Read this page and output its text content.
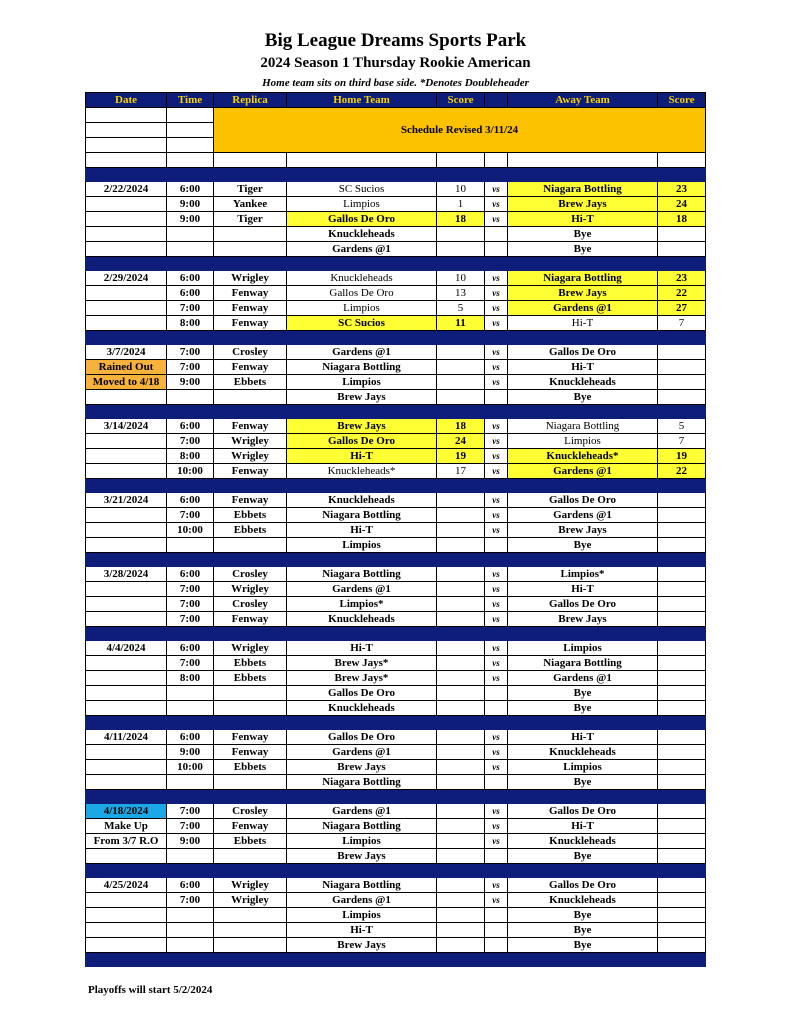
Big League Dreams Sports Park
2024 Season 1 Thursday Rookie American
Home team sits on third base side. *Denotes Doubleheader
Date	Time	Replica	Home Team	Score		Away Team	Score
		Schedule Revised 3/11/24					

2/22/2024	6:00	Tiger	SC Sucios	10	vs	Niagara Bottling	23
	9:00	Yankee	Limpios	1	vs	Brew Jays	24
	9:00	Tiger	Gallos De Oro	18	vs	Hi-T	18
			Knuckleheads			Bye	
			Gardens @1			Bye	

2/29/2024	6:00	Wrigley	Knuckleheads	10	vs	Niagara Bottling	23
	6:00	Fenway	Gallos De Oro	13	vs	Brew Jays	22
	7:00	Fenway	Limpios	5	vs	Gardens @1	27
	8:00	Fenway	SC Sucios	11	vs	Hi-T	7

3/7/2024	7:00	Crosley	Gardens @1		vs	Gallos De Oro	
Rained Out	7:00	Fenway	Niagara Bottling		vs	Hi-T	
Moved to 4/18	9:00	Ebbets	Limpios		vs	Knuckleheads	
			Brew Jays			Bye	

3/14/2024	6:00	Fenway	Brew Jays	18	vs	Niagara Bottling	5
	7:00	Wrigley	Gallos De Oro	24	vs	Limpios	7
	8:00	Wrigley	Hi-T	19	vs	Knuckleheads*	19
	10:00	Fenway	Knuckleheads*	17	vs	Gardens @1	22

3/21/2024	6:00	Fenway	Knuckleheads		vs	Gallos De Oro	
	7:00	Ebbets	Niagara Bottling		vs	Gardens @1	
	10:00	Ebbets	Hi-T		vs	Brew Jays	
			Limpios			Bye	

3/28/2024	6:00	Crosley	Niagara Bottling		vs	Limpios*	
	7:00	Wrigley	Gardens @1		vs	Hi-T	
	7:00	Crosley	Limpios*		vs	Gallos De Oro	
	7:00	Fenway	Knuckleheads		vs	Brew Jays	

4/4/2024	6:00	Wrigley	Hi-T		vs	Limpios	
	7:00	Ebbets	Brew Jays*		vs	Niagara Bottling	
	8:00	Ebbets	Brew Jays*		vs	Gardens @1	
			Gallos De Oro			Bye	
			Knuckleheads			Bye	

4/11/2024	6:00	Fenway	Gallos De Oro		vs	Hi-T	
	9:00	Fenway	Gardens @1		vs	Knuckleheads	
	10:00	Ebbets	Brew Jays		vs	Limpios	
			Niagara Bottling			Bye	

4/18/2024	7:00	Crosley	Gardens @1		vs	Gallos De Oro	
Make Up	7:00	Fenway	Niagara Bottling		vs	Hi-T	
From 3/7 R.O	9:00	Ebbets	Limpios		vs	Knuckleheads	
			Brew Jays			Bye	

4/25/2024	6:00	Wrigley	Niagara Bottling		vs	Gallos De Oro	
	7:00	Wrigley	Gardens @1		vs	Knuckleheads	
			Limpios			Bye	
			Hi-T			Bye	
			Brew Jays			Bye	

Playoffs will start 5/2/2024
